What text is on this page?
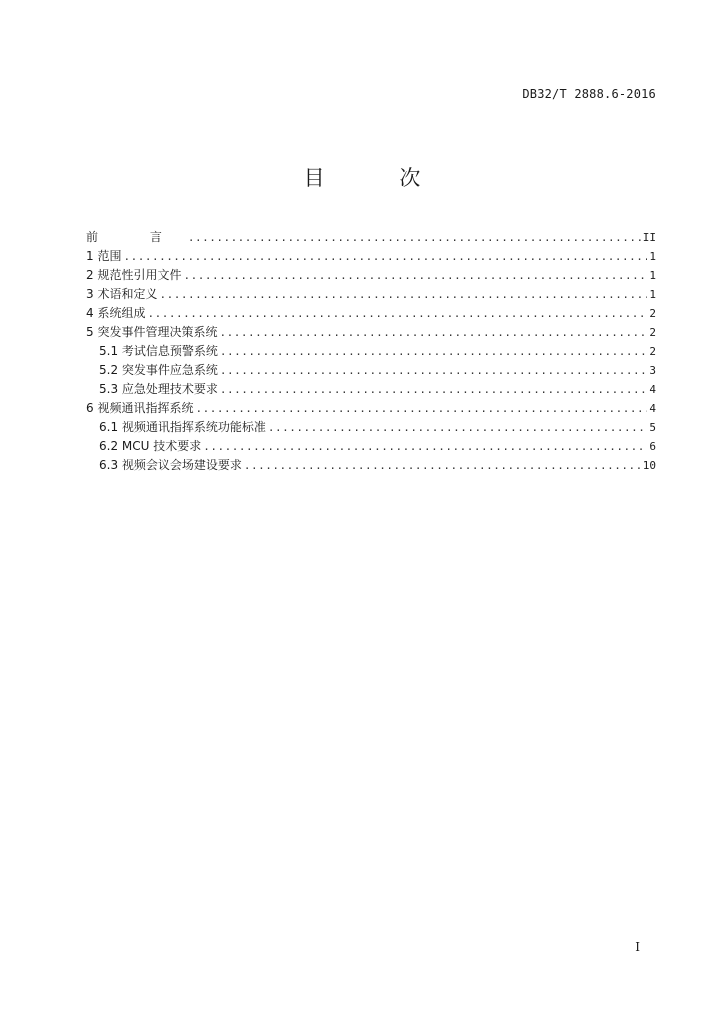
DB32/T 2888.6-2016
目 次
前 言 .....	II
1 范围 .....	1
2 规范性引用文件 .....	1
3 术语和定义 .....	1
4 系统组成 .....	2
5 突发事件管理决策系统 .....	2
5.1 考试信息预警系统 .....	2
5.2 突发事件应急系统 .....	3
5.3 应急处理技术要求 .....	4
6 视频通讯指挥系统 .....	4
6.1 视频通讯指挥系统功能标准 .....	5
6.2 MCU 技术要求 .....	6
6.3 视频会议会场建设要求 .....	10
I
